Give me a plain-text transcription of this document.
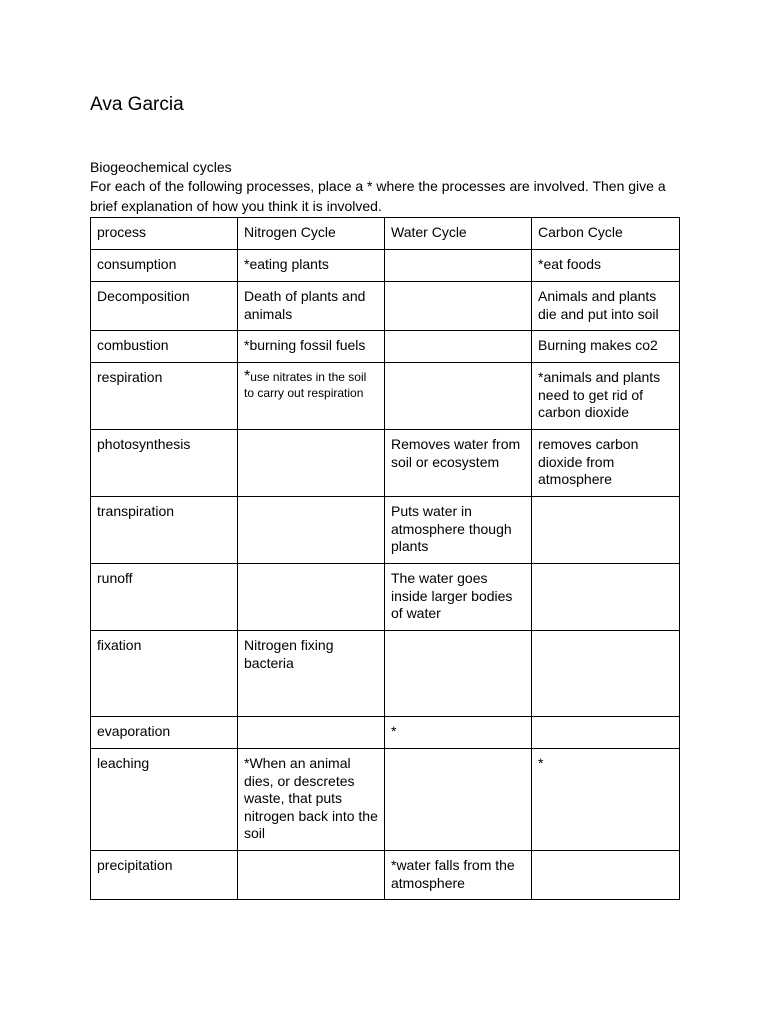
Ava Garcia

Biogeochemical cycles

For each of the following processes, place a * where the processes are involved. Then give a brief explanation of how you think it is involved.

process	Nitrogen Cycle	Water Cycle	Carbon Cycle
consumption	*eating plants		*eat foods
Decomposition	Death of plants and animals		Animals and plants die and put into soil
combustion	*burning fossil fuels		Burning makes co2
respiration	*use nitrates in the soil to carry out respiration		*animals and plants need to get rid of carbon dioxide
photosynthesis		Removes water from soil or ecosystem	removes carbon dioxide from atmosphere
transpiration		Puts water in atmosphere though plants	
runoff		The water goes inside larger bodies of water	
fixation	Nitrogen fixing bacteria		
evaporation		*	
leaching	*When an animal dies, or descretes waste, that puts nitrogen back into the soil		*
precipitation		*water falls from the atmosphere	
